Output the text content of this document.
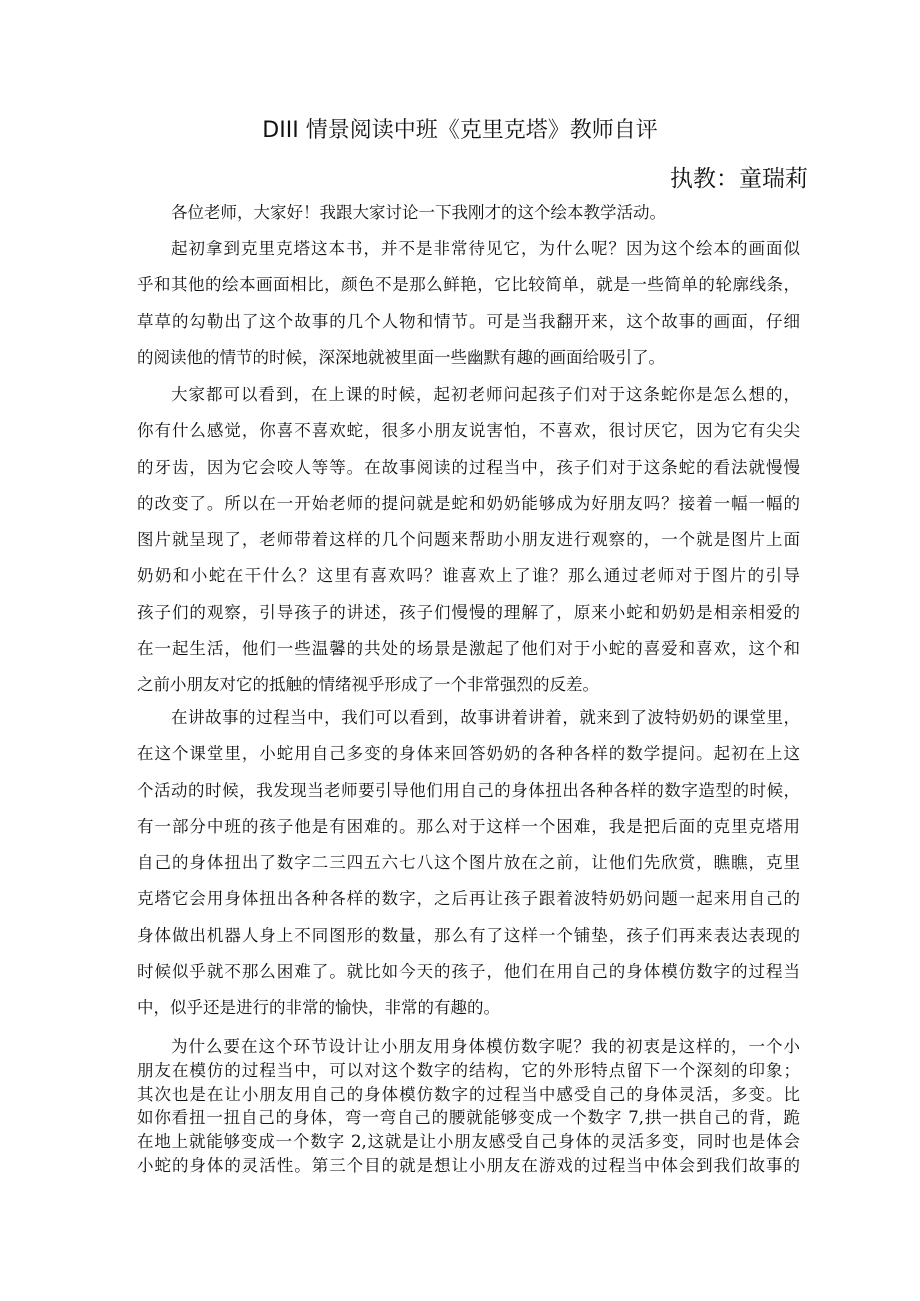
DIII 情景阅读中班《克里克塔》教师自评
执教：童瑞莉
各位老师，大家好！我跟大家讨论一下我刚才的这个绘本教学活动。
起初拿到克里克塔这本书，并不是非常待见它，为什么呢？因为这个绘本的画面似
乎和其他的绘本画面相比，颜色不是那么鲜艳，它比较简单，就是一些简单的轮廓线条，
草草的勾勒出了这个故事的几个人物和情节。可是当我翻开来，这个故事的画面，仔细
的阅读他的情节的时候，深深地就被里面一些幽默有趣的画面给吸引了。
大家都可以看到，在上课的时候，起初老师问起孩子们对于这条蛇你是怎么想的，
你有什么感觉，你喜不喜欢蛇，很多小朋友说害怕，不喜欢，很讨厌它，因为它有尖尖
的牙齿，因为它会咬人等等。在故事阅读的过程当中，孩子们对于这条蛇的看法就慢慢
的改变了。所以在一开始老师的提问就是蛇和奶奶能够成为好朋友吗？接着一幅一幅的
图片就呈现了，老师带着这样的几个问题来帮助小朋友进行观察的，一个就是图片上面
奶奶和小蛇在干什么？这里有喜欢吗？谁喜欢上了谁？那么通过老师对于图片的引导
孩子们的观察，引导孩子的讲述，孩子们慢慢的理解了，原来小蛇和奶奶是相亲相爱的
在一起生活，他们一些温馨的共处的场景是激起了他们对于小蛇的喜爱和喜欢，这个和
之前小朋友对它的抵触的情绪视乎形成了一个非常强烈的反差。
在讲故事的过程当中，我们可以看到，故事讲着讲着，就来到了波特奶奶的课堂里，
在这个课堂里，小蛇用自己多变的身体来回答奶奶的各种各样的数学提问。起初在上这
个活动的时候，我发现当老师要引导他们用自己的身体扭出各种各样的数字造型的时候，
有一部分中班的孩子他是有困难的。那么对于这样一个困难，我是把后面的克里克塔用
自己的身体扭出了数字二三四五六七八这个图片放在之前，让他们先欣赏，瞧瞧，克里
克塔它会用身体扭出各种各样的数字，之后再让孩子跟着波特奶奶问题一起来用自己的
身体做出机器人身上不同图形的数量，那么有了这样一个铺垫，孩子们再来表达表现的
时候似乎就不那么困难了。就比如今天的孩子，他们在用自己的身体模仿数字的过程当
中，似乎还是进行的非常的愉快，非常的有趣的。
为什么要在这个环节设计让小朋友用身体模仿数字呢？我的初衷是这样的，一个小
朋友在模仿的过程当中，可以对这个数字的结构，它的外形特点留下一个深刻的印象；
其次也是在让小朋友用自己的身体模仿数字的过程当中感受自己的身体灵活，多变。比
如你看扭一扭自己的身体，弯一弯自己的腰就能够变成一个数字 7,拱一拱自己的背，跪
在地上就能够变成一个数字 2,这就是让小朋友感受自己身体的灵活多变，同时也是体会
小蛇的身体的灵活性。第三个目的就是想让小朋友在游戏的过程当中体会到我们故事的
